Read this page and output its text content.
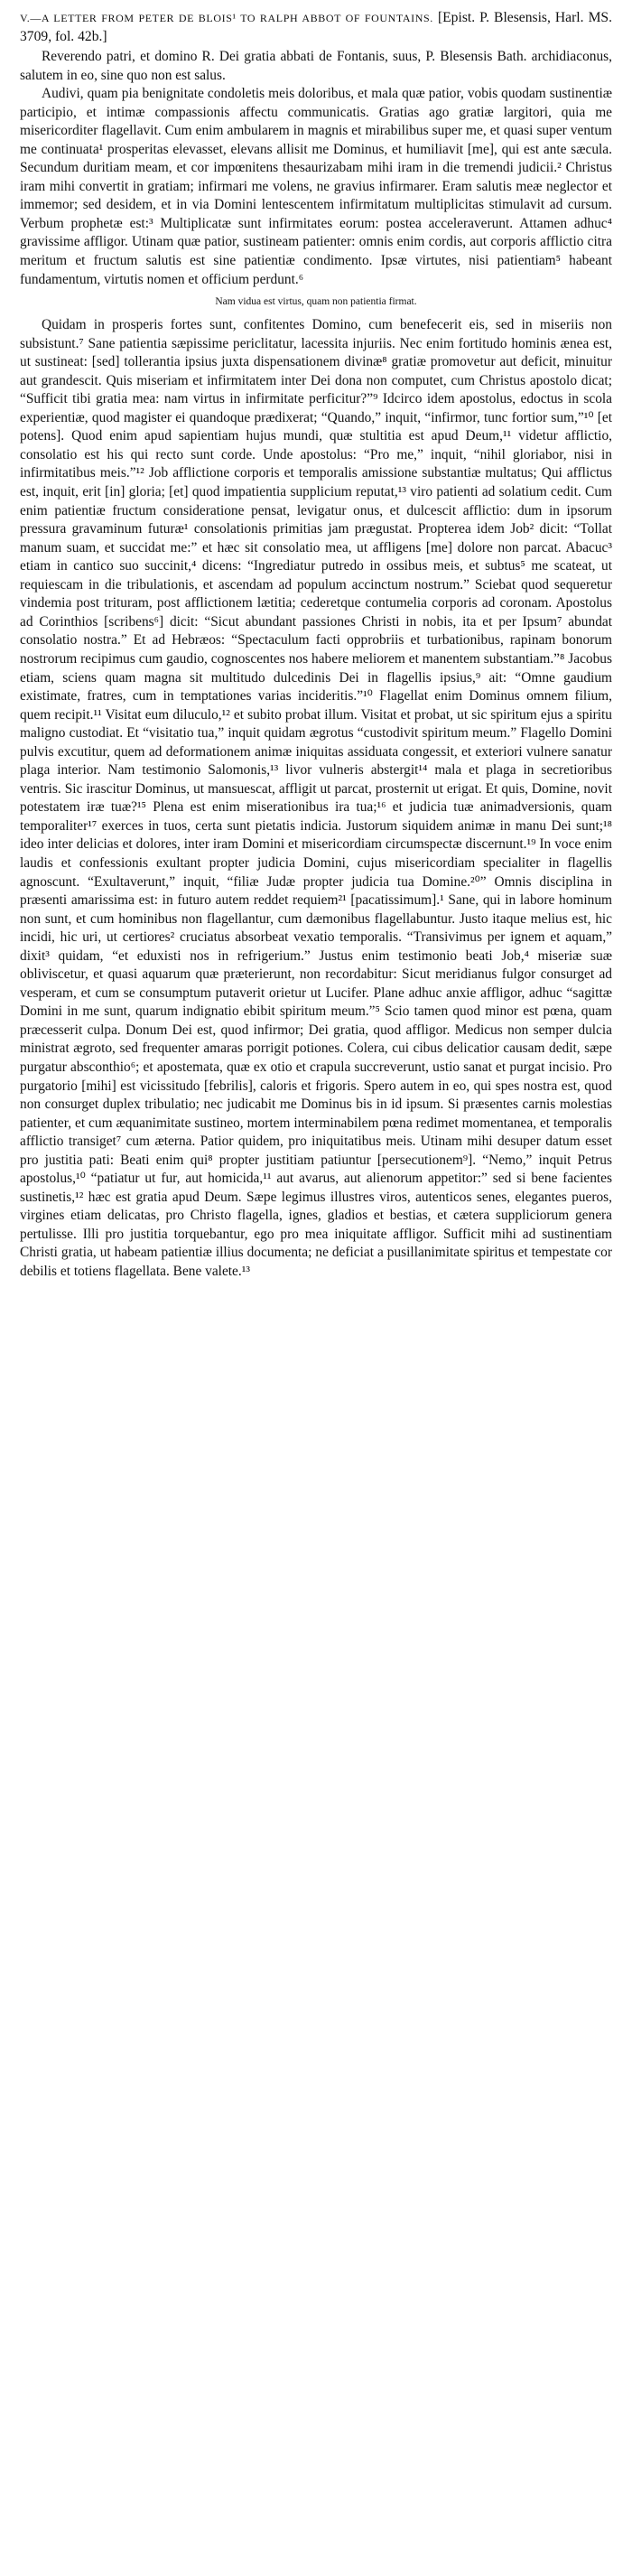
V.—A LETTER FROM PETER DE BLOIS¹ TO RALPH ABBOT OF FOUNTAINS. [Epist. P. Blesensis, Harl. MS. 3709, fol. 42b.]

Reverendo patri, et domino R. Dei gratia abbati de Fontanis, suus, P. Blesensis Bath. archidiaconus, salutem in eo, sine quo non est salus.

Audivi, quam pia benignitate condoletis meis doloribus, et mala quæ patior, vobis quodam sustinentiæ participio, et intimæ compassionis affectu communicatis. Gratias ago gratiæ largitori, quia me misericorditer flagellavit. Cum enim ambularem in magnis et mirabilibus super me, et quasi super ventum me continuata¹ prosperitas elevasset, elevans allisit me Dominus, et humiliavit [me], qui est ante sæcula. Secundum duritiam meam, et cor impœnitens thesaurizabam mihi iram in die tremendi judicii.² Christus iram mihi convertit in gratiam; infirmari me volens, ne gravius infirmarer. Eram salutis meæ neglector et immemor; sed desidem, et in via Domini lentescentem infirmitatum multiplicitas stimulavit ad cursum. Verbum prophetæ est:³ Multiplicatæ sunt infirmitates eorum: postea acceleraverunt. Attamen adhuc⁴ gravissime affligor. Utinam quæ patior, sustineam patienter: omnis enim cordis, aut corporis afflictio citra meritum et fructum salutis est sine patientiæ condimento. Ipsæ virtutes, nisi patientiam⁵ habeant fundamentum, virtutis nomen et officium perdunt.⁶

Nam vidua est virtus, quam non patientia firmat.

Quidam in prosperis fortes sunt, confitentes Domino, cum benefecerit eis, sed in miseriis non subsistunt.⁷ Sane patientia sæpissime periclitatur, lacessita injuriis. Nec enim fortitudo hominis ænea est, ut sustineat: [sed] tollerantia ipsius juxta dispensationem divinæ⁸ gratiæ promovetur aut deficit, minuitur aut grandescit. Quis miseriam et infirmitatem inter Dei dona non computet, cum Christus apostolo dicat; “Sufficit tibi gratia mea: nam virtus in infirmitate perficitur?”⁹ Idcirco idem apostolus, edoctus in scola experientiæ, quod magister ei quandoque prædixerat; “Quando,” inquit, “infirmor, tunc fortior sum,”¹⁰ [et potens]. Quod enim apud sapientiam hujus mundi, quæ stultitia est apud Deum,¹¹ videtur afflictio, consolatio est his qui recto sunt corde. Unde apostolus: “Pro me,” inquit, “nihil gloriabor, nisi in infirmitatibus meis.”¹² Job afflictione corporis et temporalis amissione substantiæ multatus; Qui afflictus est, inquit, erit [in] gloria; [et] quod impatientia supplicium reputat,¹³ viro patienti ad solatium cedit. Cum enim patientiæ fructum consideratione pensat, levigatur onus, et dulcescit afflictio: dum in ipsorum pressura gravaminum futuræ¹ consolationis primitias jam prægustat. Propterea idem Job² dicit: “Tollat manum suam, et succidat me:” et hæc sit consolatio mea, ut affligens [me] dolore non parcat. Abacuc³ etiam in cantico suo succinit,⁴ dicens: “Ingrediatur putredo in ossibus meis, et subtus⁵ me scateat, ut requiescam in die tribulationis, et ascendam ad populum accinctum nostrum.” Sciebat quod sequeretur vindemia post trituram, post afflictionem lætitia; cederetque contumelia corporis ad coronam. Apostolus ad Corinthios [scribens⁶] dicit: “Sicut abundant passiones Christi in nobis, ita et per Ipsum⁷ abundat consolatio nostra.” Et ad Hebræos: “Spectaculum facti opprobriis et turbationibus, rapinam bonorum nostrorum recipimus cum gaudio, cognoscentes nos habere meliorem et manentem substantiam.”⁸ Jacobus etiam, sciens quam magna sit multitudo dulcedinis Dei in flagellis ipsius,⁹ ait: “Omne gaudium existimate, fratres, cum in temptationes varias incideritis.”¹⁰ Flagellat enim Dominus omnem filium, quem recipit.¹¹ Visitat eum diluculo,¹² et subito probat illum. Visitat et probat, ut sic spiritum ejus a spiritu maligno custodiat. Et “visitatio tua,” inquit quidam ægrotus “custodivit spiritum meum.” Flagello Domini pulvis excutitur, quem ad deformationem animæ iniquitas assiduata congessit, et exteriori vulnere sanatur plaga interior. Nam testimonio Salomonis,¹³ livor vulneris abstergit¹⁴ mala et plaga in secretioribus ventris. Sic irascitur Dominus, ut mansuescat, affligit ut parcat, prosternit ut erigat. Et quis, Domine, novit potestatem iræ tuæ?¹⁵ Plena est enim miserationibus ira tua;¹⁶ et judicia tuæ animadversionis, quam temporaliter¹⁷ exerces in tuos, certa sunt pietatis indicia. Justorum siquidem animæ in manu Dei sunt;¹⁸ ideo inter delicias et dolores, inter iram Domini et misericordiam circumspectæ discernunt.¹⁹ In voce enim laudis et confessionis exultant propter judicia Domini, cujus misericordiam specialiter in flagellis agnoscunt. “Exultaverunt,” inquit, “filiæ Judæ propter judicia tua Domine.²⁰” Omnis disciplina in præsenti amarissima est: in futuro autem reddet requiem²¹ [pacatissimum].¹ Sane, qui in labore hominum non sunt, et cum hominibus non flagellantur, cum dæmonibus flagellabuntur. Justo itaque melius est, hic incidi, hic uri, ut certiores² cruciatus absorbeat vexatio temporalis. “Transivimus per ignem et aquam,” dixit³ quidam, “et eduxisti nos in refrigerium.” Justus enim testimonio beati Job,⁴ miseriæ suæ obliviscetur, et quasi aquarum quæ præterierunt, non recordabitur: Sicut meridianus fulgor consurget ad vesperam, et cum se consumptum putaverit orietur ut Lucifer. Plane adhuc anxie affligor, adhuc “sagittæ Domini in me sunt, quarum indignatio ebibit spiritum meum.”⁵ Scio tamen quod minor est pœna, quam præcesserit culpa. Donum Dei est, quod infirmor; Dei gratia, quod affligor. Medicus non semper dulcia ministrat ægroto, sed frequenter amaras porrigit potiones. Colera, cui cibus delicatior causam dedit, sæpe purgatur absconthio⁶; et apostemata, quæ ex otio et crapula succreverunt, ustio sanat et purgat incisio. Pro purgatorio [mihi] est vicissitudo [febrilis], caloris et frigoris. Spero autem in eo, qui spes nostra est, quod non consurget duplex tribulatio; nec judicabit me Dominus bis in id ipsum. Si præsentes carnis molestias patienter, et cum æquanimitate sustineo, mortem interminabilem pœna redimet momentanea, et temporalis afflictio transiget⁷ cum æterna. Patior quidem, pro iniquitatibus meis. Utinam mihi desuper datum esset pro justitia pati: Beati enim qui⁸ propter justitiam patiuntur [persecutionem⁹]. “Nemo,” inquit Petrus apostolus,¹⁰ “patiatur ut fur, aut homicida,¹¹ aut avarus, aut alienorum appetitor:” sed si bene facientes sustinetis,¹² hæc est gratia apud Deum. Sæpe legimus illustres viros, autenticos senes, elegantes pueros, virgines etiam delicatas, pro Christo flagella, ignes, gladios et bestias, et cætera suppliciorum genera pertulisse. Illi pro justitia torquebantur, ego pro mea iniquitate affligor. Sufficit mihi ad sustinentiam Christi gratia, ut habeam patientiæ illius documenta; ne deficiat a pusillanimitate spiritus et tempestate cor debilis et totiens flagellata. Bene valete.¹³
